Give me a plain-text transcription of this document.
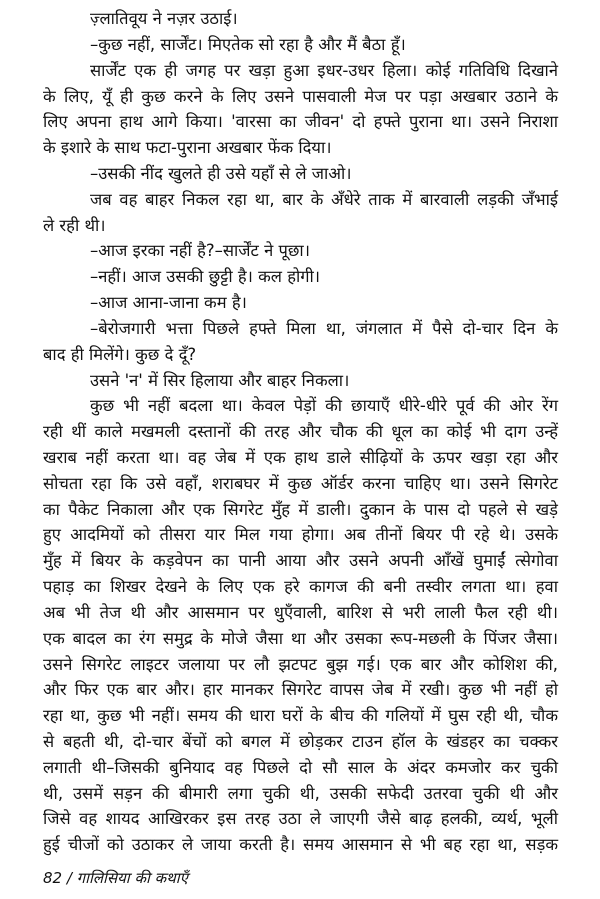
ज़्लातिवूय ने नज़र उठाई।
–कुछ नहीं, सार्जेंट। मिएतेक सो रहा है और मैं बैठा हूँ।
सार्जेंट एक ही जगह पर खड़ा हुआ इधर-उधर हिला। कोई गतिविधि दिखाने
के लिए, यूँ ही कुछ करने के लिए उसने पासवाली मेज पर पड़ा अखबार उठाने के
लिए अपना हाथ आगे किया। 'वारसा का जीवन' दो हफ्ते पुराना था। उसने निराशा
के इशारे के साथ फटा-पुराना अखबार फेंक दिया।
–उसकी नींद खुलते ही उसे यहाँ से ले जाओ।
जब वह बाहर निकल रहा था, बार के अँधेरे ताक में बारवाली लड़की जँभाई
ले रही थी।
–आज इरका नहीं है?–सार्जेंट ने पूछा।
–नहीं। आज उसकी छुट्टी है। कल होगी।
–आज आना-जाना कम है।
–बेरोजगारी भत्ता पिछले हफ्ते मिला था, जंगलात में पैसे दो-चार दिन के
बाद ही मिलेंगे। कुछ दे दूँ?
उसने 'न' में सिर हिलाया और बाहर निकला।
कुछ भी नहीं बदला था। केवल पेड़ों की छायाएँ धीरे-धीरे पूर्व की ओर रेंग
रही थीं काले मखमली दस्तानों की तरह और चौक की धूल का कोई भी दाग उन्हें
खराब नहीं करता था। वह जेब में एक हाथ डाले सीढ़ियों के ऊपर खड़ा रहा और
सोचता रहा कि उसे वहाँ, शराबघर में कुछ ऑर्डर करना चाहिए था। उसने सिगरेट
का पैकेट निकाला और एक सिगरेट मुँह में डाली। दुकान के पास दो पहले से खड़े
हुए आदमियों को तीसरा यार मिल गया होगा। अब तीनों बियर पी रहे थे। उसके
मुँह में बियर के कड़वेपन का पानी आया और उसने अपनी आँखें घुमाईं त्सेगोवा
पहाड़ का शिखर देखने के लिए एक हरे कागज की बनी तस्वीर लगता था। हवा
अब भी तेज थी और आसमान पर धुएँवाली, बारिश से भरी लाली फैल रही थी।
एक बादल का रंग समुद्र के मोजे जैसा था और उसका रूप-मछली के पिंजर जैसा।
उसने सिगरेट लाइटर जलाया पर लौ झटपट बुझ गई। एक बार और कोशिश की,
और फिर एक बार और। हार मानकर सिगरेट वापस जेब में रखी। कुछ भी नहीं हो
रहा था, कुछ भी नहीं। समय की धारा घरों के बीच की गलियों में घुस रही थी, चौक
से बहती थी, दो-चार बेंचों को बगल में छोड़कर टाउन हॉल के खंडहर का चक्कर
लगाती थी–जिसकी बुनियाद वह पिछले दो सौ साल के अंदर कमजोर कर चुकी
थी, उसमें सड़न की बीमारी लगा चुकी थी, उसकी सफेदी उतरवा चुकी थी और
जिसे वह शायद आखिरकर इस तरह उठा ले जाएगी जैसे बाढ़ हलकी, व्यर्थ, भूली
हुई चीजों को उठाकर ले जाया करती है। समय आसमान से भी बह रहा था, सड़क
82 / गालिसिया की कथाएँ
